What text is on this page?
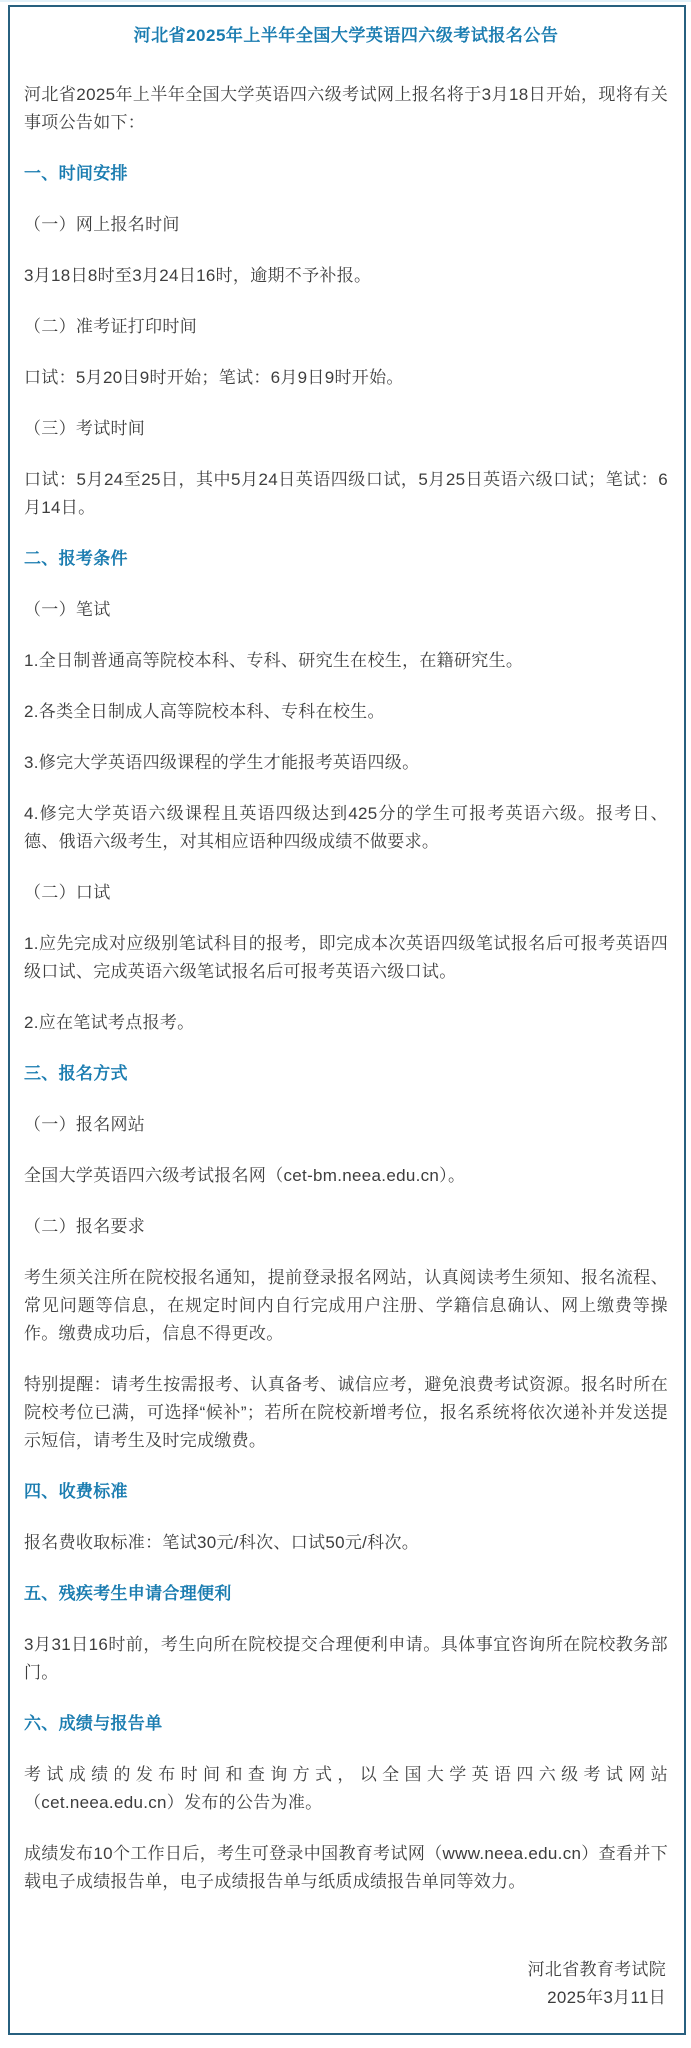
河北省2025年上半年全国大学英语四六级考试报名公告

河北省2025年上半年全国大学英语四六级考试网上报名将于3月18日开始，现将有关事项公告如下：

一、时间安排

（一）网上报名时间

3月18日8时至3月24日16时，逾期不予补报。

（二）准考证打印时间

口试：5月20日9时开始；笔试：6月9日9时开始。

（三）考试时间

口试：5月24至25日，其中5月24日英语四级口试，5月25日英语六级口试；笔试：6月14日。

二、报考条件

（一）笔试

1.全日制普通高等院校本科、专科、研究生在校生，在籍研究生。

2.各类全日制成人高等院校本科、专科在校生。

3.修完大学英语四级课程的学生才能报考英语四级。

4.修完大学英语六级课程且英语四级达到425分的学生可报考英语六级。报考日、德、俄语六级考生，对其相应语种四级成绩不做要求。

（二）口试

1.应先完成对应级别笔试科目的报考，即完成本次英语四级笔试报名后可报考英语四级口试、完成英语六级笔试报名后可报考英语六级口试。

2.应在笔试考点报考。

三、报名方式

（一）报名网站

全国大学英语四六级考试报名网（cet-bm.neea.edu.cn）。

（二）报名要求

考生须关注所在院校报名通知，提前登录报名网站，认真阅读考生须知、报名流程、常见问题等信息，在规定时间内自行完成用户注册、学籍信息确认、网上缴费等操作。缴费成功后，信息不得更改。

特别提醒：请考生按需报考、认真备考、诚信应考，避免浪费考试资源。报名时所在院校考位已满，可选择“候补”；若所在院校新增考位，报名系统将依次递补并发送提示短信，请考生及时完成缴费。

四、收费标准

报名费收取标准：笔试30元/科次、口试50元/科次。

五、残疾考生申请合理便利

3月31日16时前，考生向所在院校提交合理便利申请。具体事宜咨询所在院校教务部门。

六、成绩与报告单

考试成绩的发布时间和查询方式，以全国大学英语四六级考试网站（cet.neea.edu.cn）发布的公告为准。

成绩发布10个工作日后，考生可登录中国教育考试网（www.neea.edu.cn）查看并下载电子成绩报告单，电子成绩报告单与纸质成绩报告单同等效力。

河北省教育考试院
2025年3月11日
